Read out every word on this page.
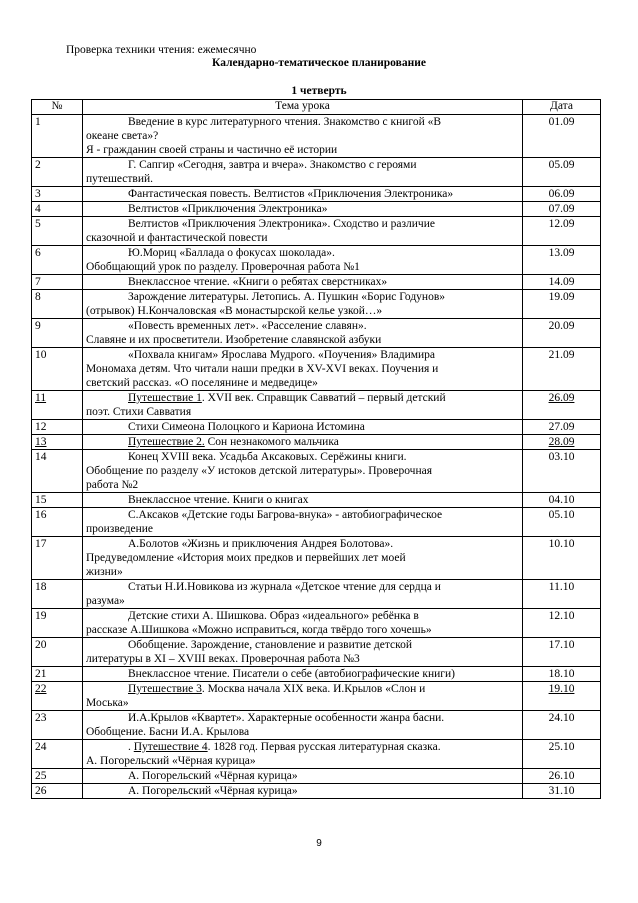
Проверка техники чтения: ежемесячно
Календарно-тематическое планирование
1 четверть
№	Тема урока	Дата
1	Введение в курс литературного чтения. Знакомство с книгой «В
океане света»?
Я - гражданин своей страны и частично её истории	01.09
2	Г. Сапгир «Сегодня, завтра и вчера». Знакомство с героями
путешествий.	05.09
3	Фантастическая повесть. Велтистов «Приключения Электроника»	06.09
4	Велтистов «Приключения Электроника»	07.09
5	Велтистов «Приключения Электроника». Сходство и различие
сказочной и фантастической повести	12.09
6	Ю.Мориц «Баллада о фокусах шоколада».
Обобщающий урок по разделу. Проверочная работа №1	13.09
7	Внеклассное чтение. «Книги о ребятах сверстниках»	14.09
8	Зарождение литературы. Летопись. А. Пушкин «Борис Годунов»
(отрывок) Н.Кончаловская «В монастырской келье узкой…»	19.09
9	«Повесть временных лет». «Расселение славян».
Славяне и их просветители. Изобретение славянской азбуки	20.09
10	«Похвала книгам» Ярослава Мудрого. «Поучения» Владимира
Мономаха детям. Что читали наши предки в XV-XVI веках. Поучения и
светский рассказ. «О поселянине и медведице»	21.09
11	Путешествие 1. XVII век. Справщик Савватий – первый детский
поэт. Стихи Савватия	26.09
12	Стихи Симеона Полоцкого и Кариона Истомина	27.09
13	Путешествие 2. Сон незнакомого мальчика	28.09
14	Конец XVIII века. Усадьба Аксаковых. Серёжины книги.
Обобщение по разделу «У истоков детской литературы». Проверочная
работа №2	03.10
15	Внеклассное чтение. Книги о книгах	04.10
16	С.Аксаков «Детские годы Багрова-внука» - автобиографическое
произведение	05.10
17	А.Болотов «Жизнь и приключения Андрея Болотова».
Предуведомление «История моих предков и первейших лет моей
жизни»	10.10
18	Статьи Н.И.Новикова из журнала «Детское чтение для сердца и
разума»	11.10
19	Детские стихи А. Шишкова. Образ «идеального» ребёнка в
рассказе А.Шишкова «Можно исправиться, когда твёрдо того хочешь»	12.10
20	Обобщение. Зарождение, становление и развитие детской
литературы в XI – XVIII веках. Проверочная работа №3	17.10
21	Внеклассное чтение. Писатели о себе (автобиографические книги)	18.10
22	Путешествие 3. Москва начала XIX века. И.Крылов «Слон и
Моська»	19.10
23	И.А.Крылов «Квартет». Характерные особенности жанра басни.
Обобщение. Басни И.А. Крылова	24.10
24	. Путешествие 4. 1828 год. Первая русская литературная сказка.
А. Погорельский «Чёрная курица»	25.10
25	А. Погорельский «Чёрная курица»	26.10
26	А. Погорельский «Чёрная курица»	31.10
9
